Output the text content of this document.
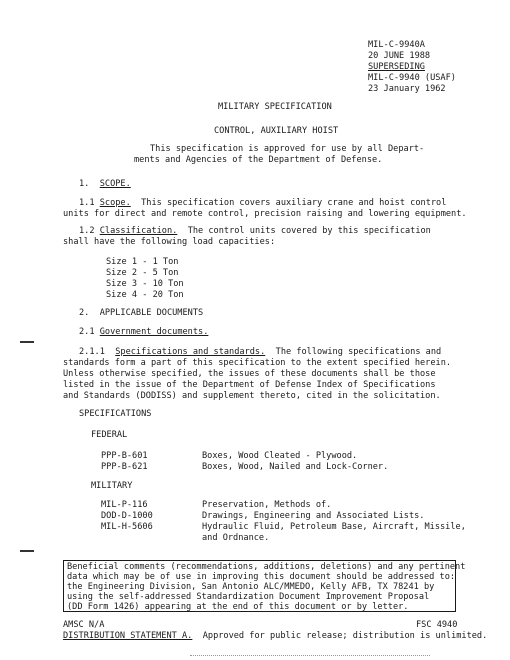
MIL-C-9940A
20 JUNE 1988
SUPERSEDING
MIL-C-9940 (USAF)
23 January 1962
MILITARY SPECIFICATION
CONTROL, AUXILIARY HOIST
This specification is approved for use by all Depart-
ments and Agencies of the Department of Defense.
1. SCOPE.
1.1 Scope. This specification covers auxiliary crane and hoist control
units for direct and remote control, precision raising and lowering equipment.
1.2 Classification. The control units covered by this specification
shall have the following load capacities:
Size 1 - 1 Ton
Size 2 - 5 Ton
Size 3 - 10 Ton
Size 4 - 20 Ton
2.  APPLICABLE DOCUMENTS
2.1 Government documents.
2.1.1 Specifications and standards. The following specifications and
standards form a part of this specification to the extent specified herein.
Unless otherwise specified, the issues of these documents shall be those
listed in the issue of the Department of Defense Index of Specifications
and Standards (DODISS) and supplement thereto, cited in the solicitation.
SPECIFICATIONS
FEDERAL
PPP-B-601	Boxes, Wood Cleated - Plywood.
PPP-B-621	Boxes, Wood, Nailed and Lock-Corner.
MILITARY
MIL-P-116	Preservation, Methods of.
DOD-D-1000	Drawings, Engineering and Associated Lists.
MIL-H-5606	Hydraulic Fluid, Petroleum Base, Aircraft, Missile,
and Ordnance.
Beneficial comments (recommendations, additions, deletions) and any pertinent
data which may be of use in improving this document should be addressed to:
the Engineering Division, San Antonio ALC/MMEDO, Kelly AFB, TX 78241 by
using the self-addressed Standardization Document Improvement Proposal
(DD Form 1426) appearing at the end of this document or by letter.
AMSC N/A	FSC 4940
DISTRIBUTION STATEMENT A. Approved for public release; distribution is unlimited.
